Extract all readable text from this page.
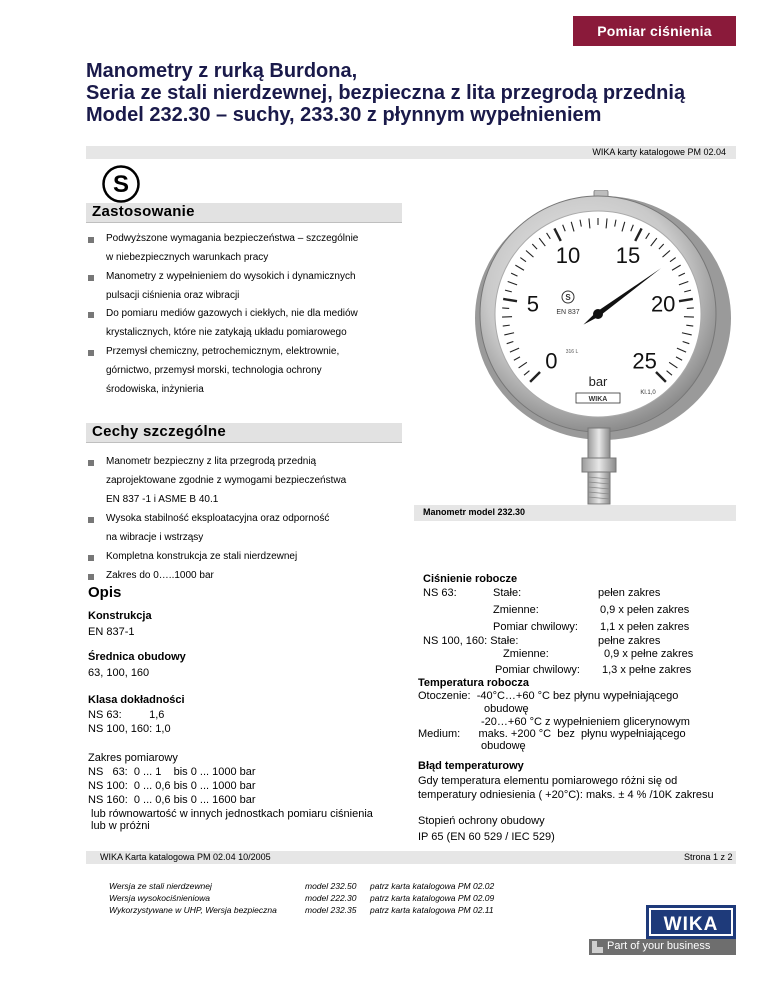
Pomiar ciśnienia
Manometry z rurką Burdona,
Seria ze stali nierdzewnej, bezpieczna z lita przegrodą przednią
Model 232.30 – suchy, 233.30 z płynnym wypełnieniem
WIKA karty katalogowe PM 02.04
S
Zastosowanie
Podwyższone wymagania bezpieczeństwa – szczególnie
w niebezpiecznych warunkach pracy
Manometry z wypełnieniem do wysokich i dynamicznych
pulsacji ciśnienia oraz wibracji
Do pomiaru mediów gazowych i ciekłych, nie dla mediów
krystalicznych, które nie zatykają układu pomiarowego
Przemysł chemiczny, petrochemicznym, elektrownie,
górnictwo, przemysł morski, technologia ochrony
środowiska, inżynieria
Cechy szczególne
Manometr bezpieczny z lita przegrodą przednią
zaprojektowane zgodnie z wymogami bezpieczeństwa
EN 837 -1 i ASME B 40.1
Wysoka stabilność eksploatacyjna oraz odporność
na wibracje i wstrząsy
Kompletna konstrukcja ze stali nierdzewnej
Zakres do 0…..1000 bar
0
5
10 15
20
25
S
EN 837
316 L
bar
Kl.1,0
WIKA
Manometr model 232.30
Opis
Konstrukcja
EN 837-1
Średnica obudowy
63, 100, 160
Klasa dokładności
NS 63:         1,6
NS 100, 160: 1,0
Zakres pomiarowy
NS   63:  0 ... 1    bis 0 ... 1000 bar
NS 100:  0 ... 0,6 bis 0 ... 1000 bar
NS 160:  0 ... 0,6 bis 0 ... 1600 bar
lub równowartość w innych jednostkach pomiaru ciśnienia
lub w próżni
Ciśnienie robocze
NS 63:	Stałe:	pełen zakres
Zmienne:	0,9 x pełen zakres
Pomiar chwilowy: 1,1 x pełen zakres
NS 100, 160: Stałe:	pełne zakres
Zmienne:	0,9 x pełne zakres
Pomiar chwilowy: 1,3 x pełne zakres
Temperatura robocza
Otoczenie:  -40°C…+60 °C bez płynu wypełniającego
obudowę
-20…+60 °C z wypełnieniem glicerynowym
Medium:      maks. +200 °C  bez  płynu wypełniającego
obudowę
Błąd temperaturowy
Gdy temperatura elementu pomiarowego różni się od
temperatury odniesienia ( +20°C): maks. ± 4 % /10K zakresu
Stopień ochrony obudowy
IP 65 (EN 60 529 / IEC 529)
WIKA Karta katalogowa PM 02.04 10/2005	Strona 1 z 2
Wersja ze stali nierdzewnej	model 232.50 patrz karta katalogowa PM 02.02
Wersja wysokociśnieniowa	model 222.30 patrz karta katalogowa PM 02.09
Wykorzystywane w UHP, Wersja bezpieczna	model 232.35 patrz karta katalogowa PM 02.11
WIKA
Part of your business
